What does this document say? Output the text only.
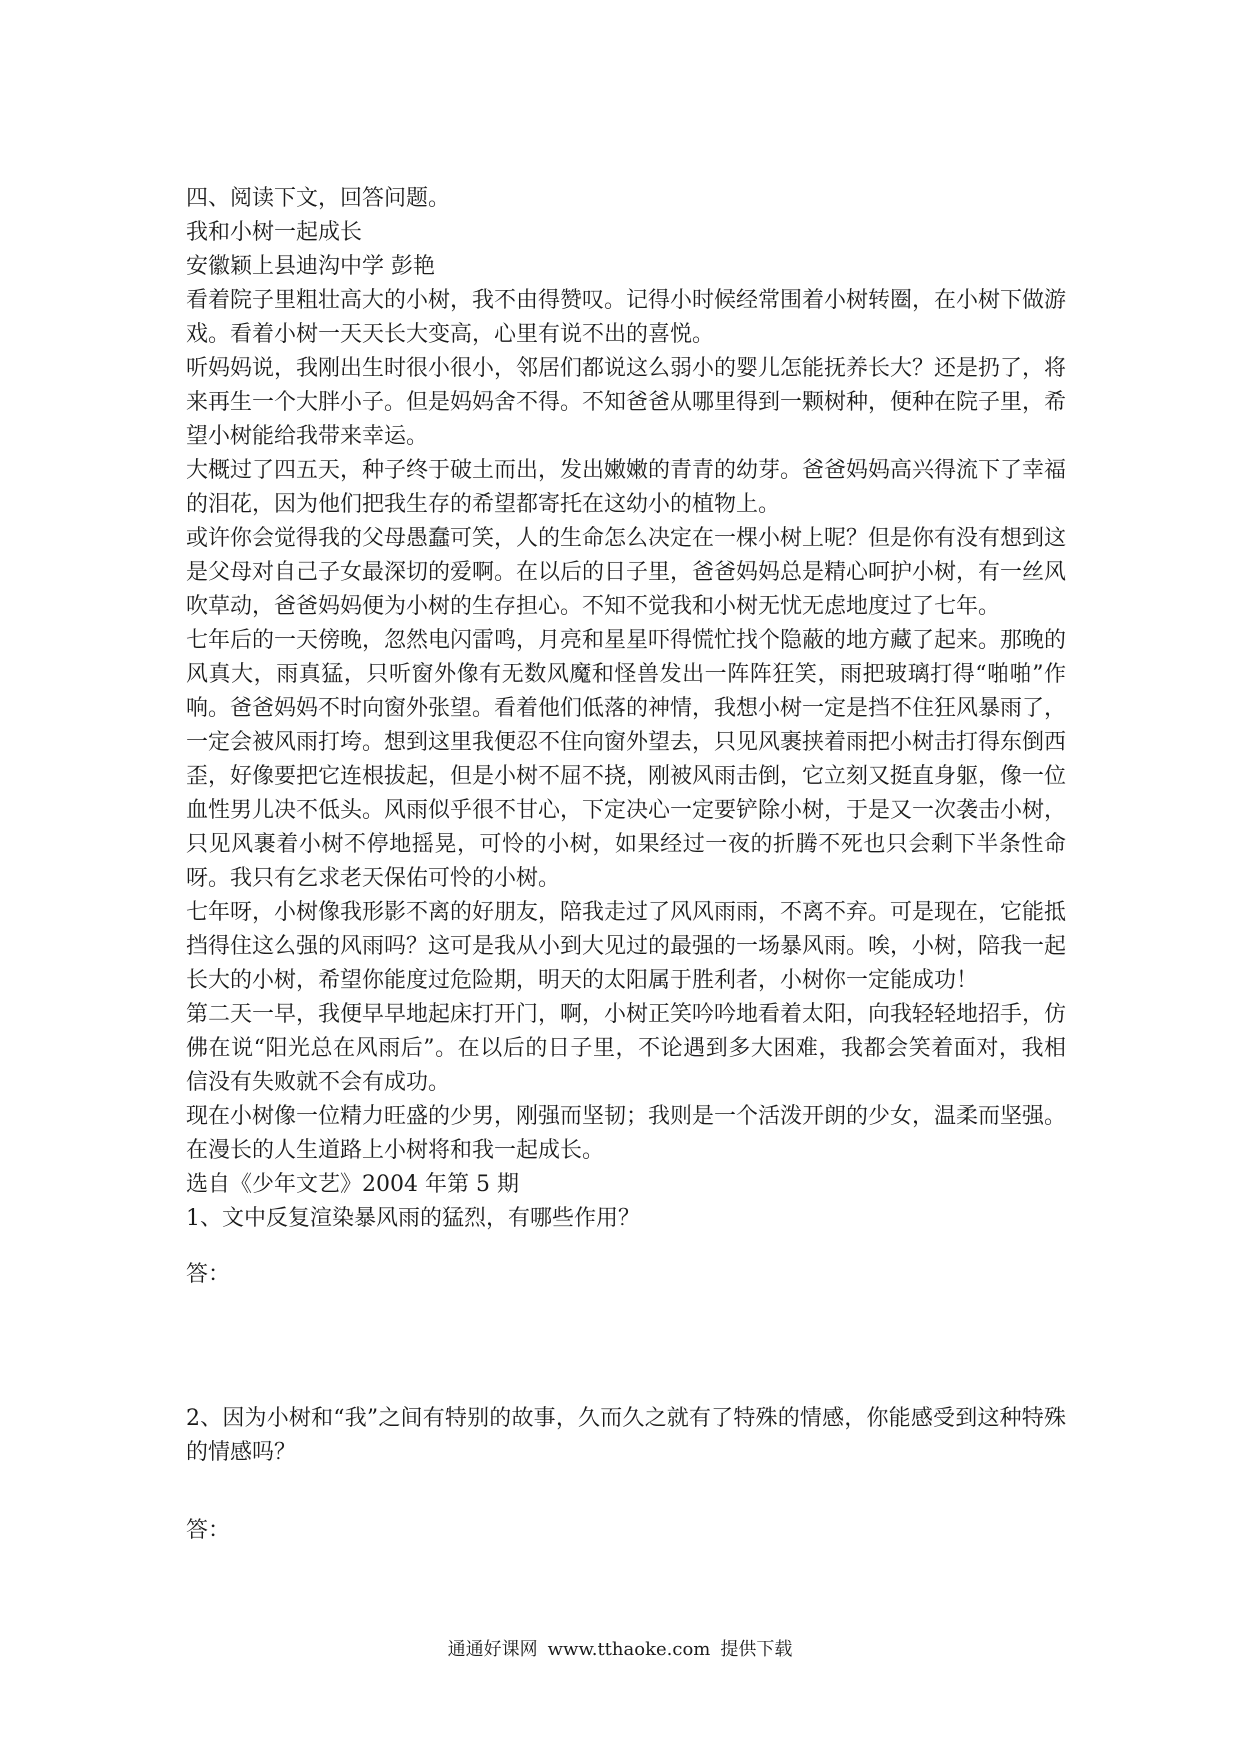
四、阅读下文，回答问题。

我和小树一起成长

安徽颖上县迪沟中学 彭艳

看着院子里粗壮高大的小树，我不由得赞叹。记得小时候经常围着小树转圈，在小树下做游戏。看着小树一天天长大变高，心里有说不出的喜悦。

听妈妈说，我刚出生时很小很小，邻居们都说这么弱小的婴儿怎能抚养长大？还是扔了，将来再生一个大胖小子。但是妈妈舍不得。不知爸爸从哪里得到一颗树种，便种在院子里，希望小树能给我带来幸运。

大概过了四五天，种子终于破土而出，发出嫩嫩的青青的幼芽。爸爸妈妈高兴得流下了幸福的泪花，因为他们把我生存的希望都寄托在这幼小的植物上。

或许你会觉得我的父母愚蠢可笑，人的生命怎么决定在一棵小树上呢？但是你有没有想到这是父母对自己子女最深切的爱啊。在以后的日子里，爸爸妈妈总是精心呵护小树，有一丝风吹草动，爸爸妈妈便为小树的生存担心。不知不觉我和小树无忧无虑地度过了七年。

七年后的一天傍晚，忽然电闪雷鸣，月亮和星星吓得慌忙找个隐蔽的地方藏了起来。那晚的风真大，雨真猛，只听窗外像有无数风魔和怪兽发出一阵阵狂笑，雨把玻璃打得“啪啪”作响。爸爸妈妈不时向窗外张望。看着他们低落的神情，我想小树一定是挡不住狂风暴雨了，一定会被风雨打垮。想到这里我便忍不住向窗外望去，只见风裹挟着雨把小树击打得东倒西歪，好像要把它连根拔起，但是小树不屈不挠，刚被风雨击倒，它立刻又挺直身躯，像一位血性男儿决不低头。风雨似乎很不甘心，下定决心一定要铲除小树，于是又一次袭击小树，只见风裹着小树不停地摇晃，可怜的小树，如果经过一夜的折腾不死也只会剩下半条性命呀。我只有乞求老天保佑可怜的小树。

七年呀，小树像我形影不离的好朋友，陪我走过了风风雨雨，不离不弃。可是现在，它能抵挡得住这么强的风雨吗？这可是我从小到大见过的最强的一场暴风雨。唉，小树，陪我一起长大的小树，希望你能度过危险期，明天的太阳属于胜利者，小树你一定能成功！

第二天一早，我便早早地起床打开门，啊，小树正笑吟吟地看着太阳，向我轻轻地招手，仿佛在说“阳光总在风雨后”。在以后的日子里，不论遇到多大困难，我都会笑着面对，我相信没有失败就不会有成功。

现在小树像一位精力旺盛的少男，刚强而坚韧；我则是一个活泼开朗的少女，温柔而坚强。在漫长的人生道路上小树将和我一起成长。

选自《少年文艺》2004 年第 5 期

1、文中反复渲染暴风雨的猛烈，有哪些作用？

答：

2、因为小树和“我”之间有特别的故事，久而久之就有了特殊的情感，你能感受到这种特殊的情感吗？

答：

通通好课网 www.tthaoke.com 提供下载
